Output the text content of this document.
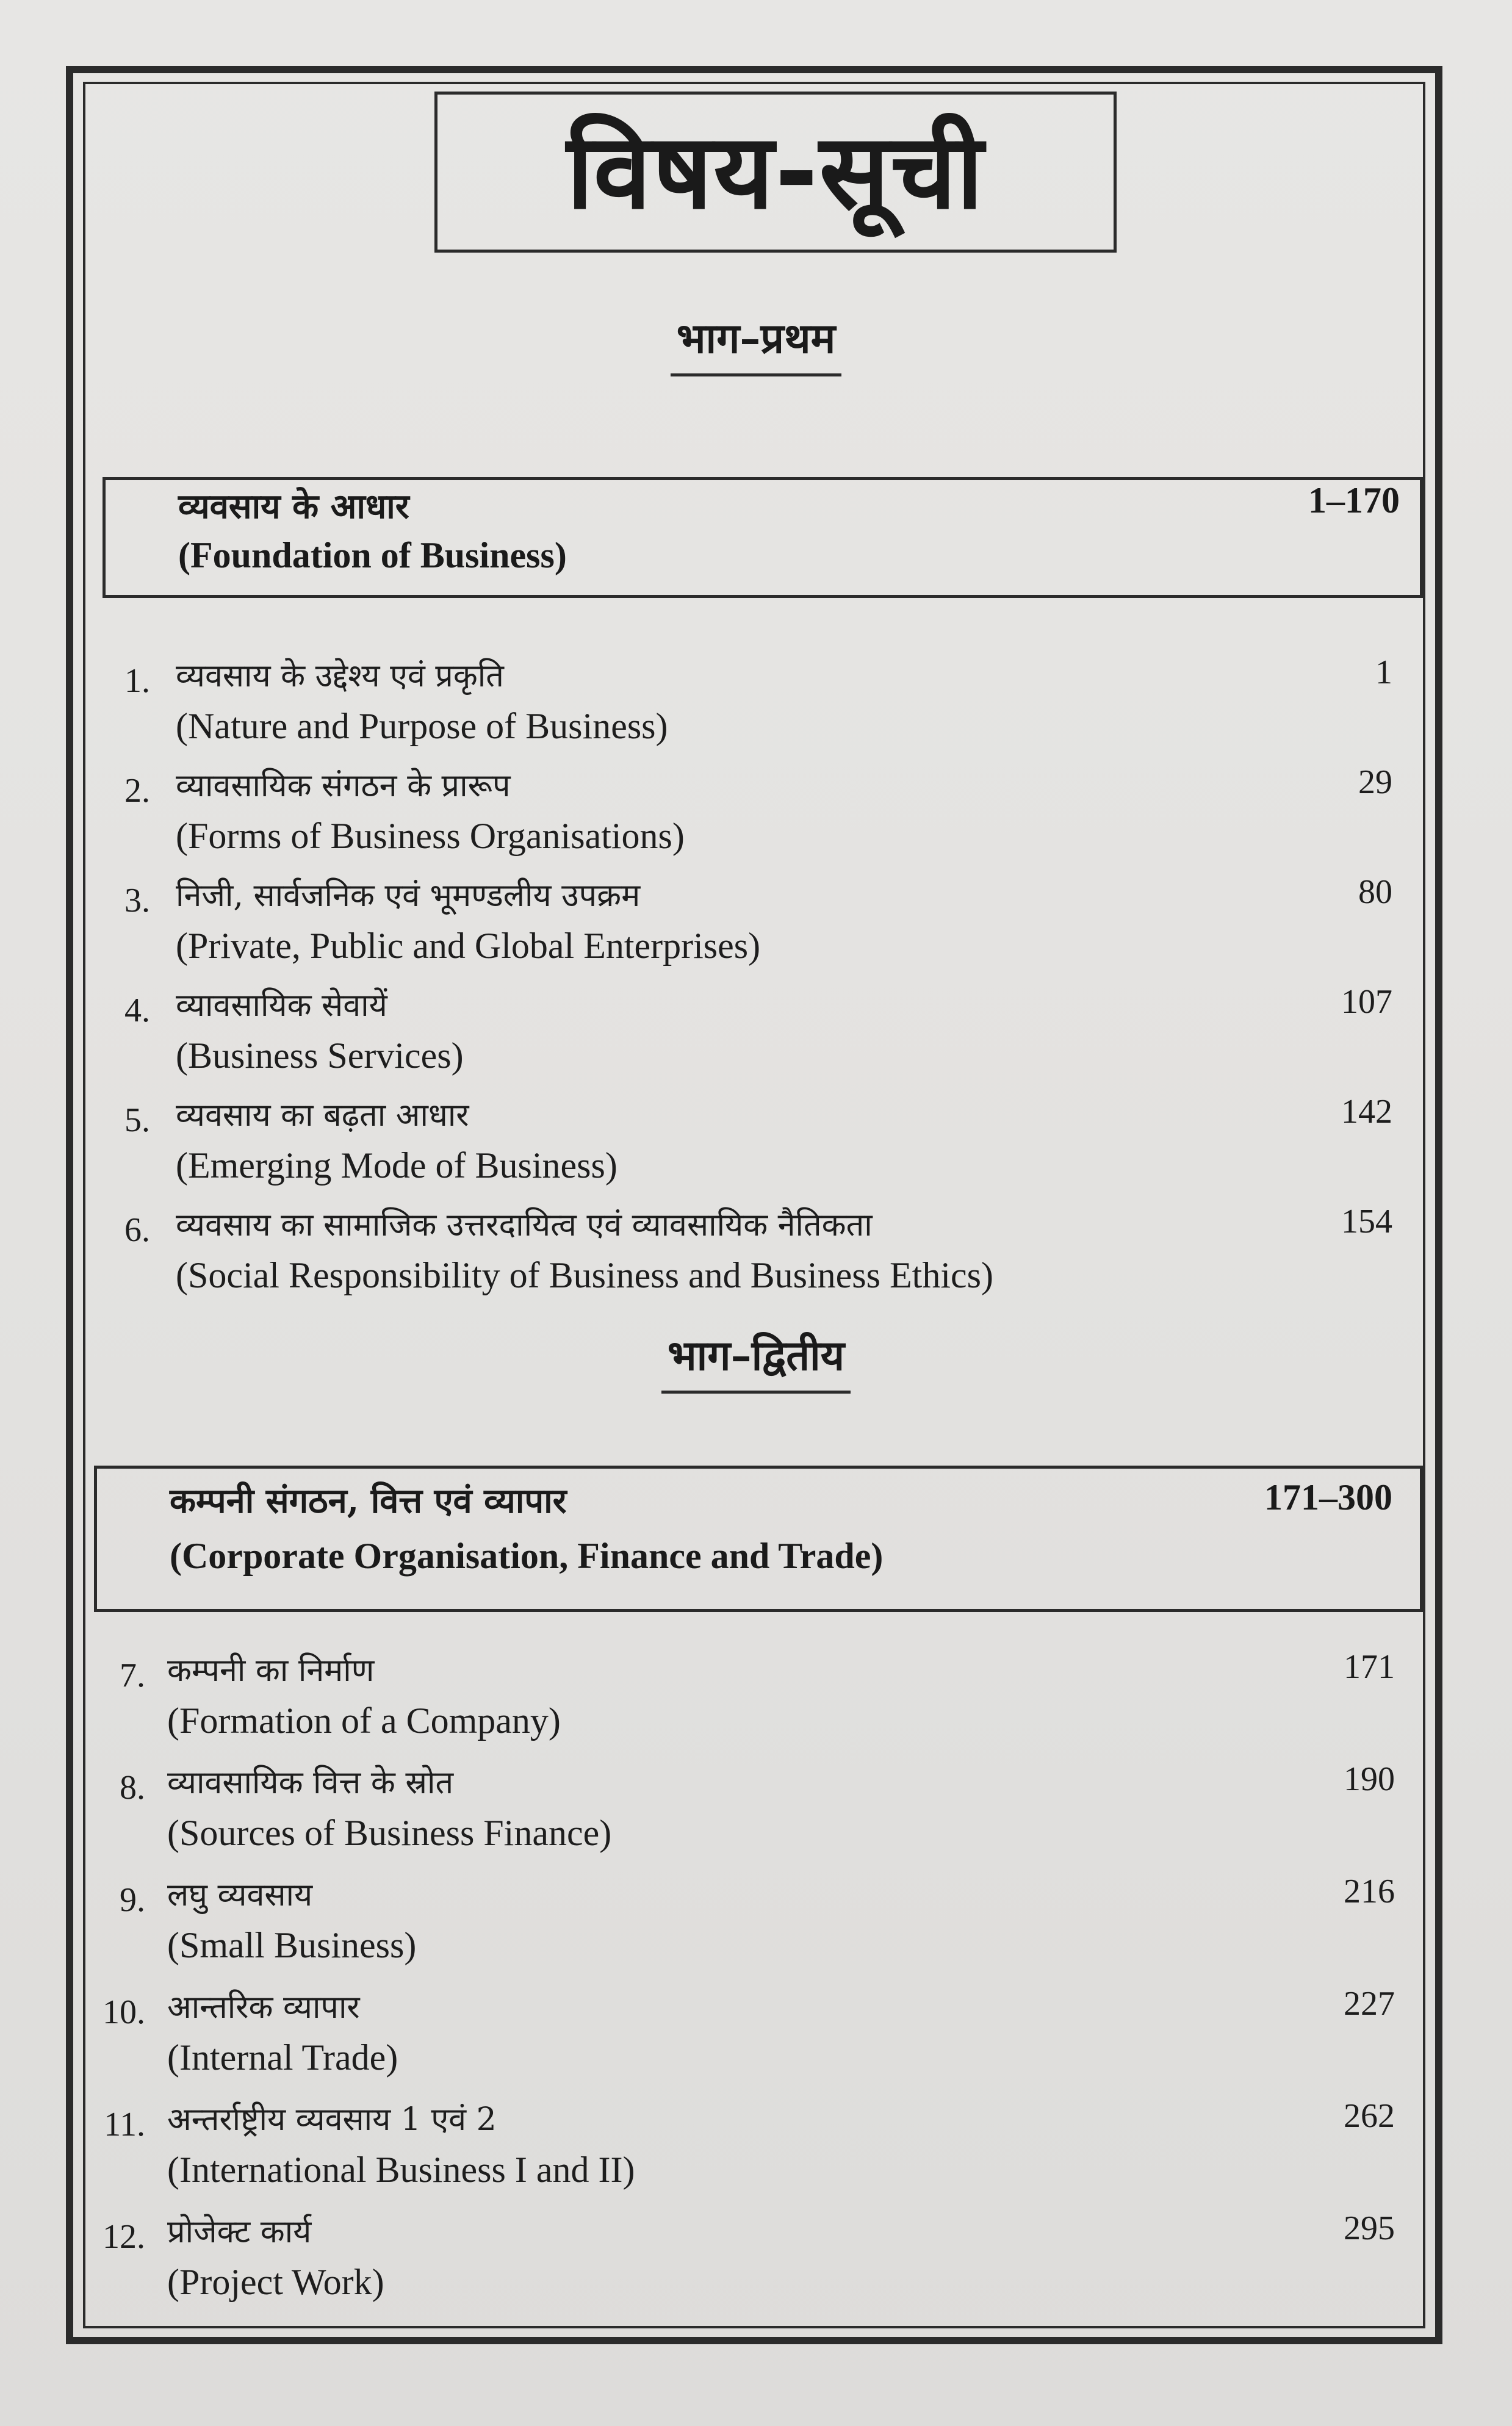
विषय-सूची
भाग–प्रथम
व्यवसाय के आधार
(Foundation of Business)
1–170
1. व्यवसाय के उद्देश्य एवं प्रकृति
(Nature and Purpose of Business)
1
2. व्यावसायिक संगठन के प्रारूप
(Forms of Business Organisations)
29
3. निजी, सार्वजनिक एवं भूमण्डलीय उपक्रम
(Private, Public and Global Enterprises)
80
4. व्यावसायिक सेवायें
(Business Services)
107
5. व्यवसाय का बढ़ता आधार
(Emerging Mode of Business)
142
6. व्यवसाय का सामाजिक उत्तरदायित्व एवं व्यावसायिक नैतिकता
(Social Responsibility of Business and Business Ethics)
154
भाग–द्वितीय
कम्पनी संगठन, वित्त एवं व्यापार
(Corporate Organisation, Finance and Trade)
171–300
7. कम्पनी का निर्माण
(Formation of a Company)
171
8. व्यावसायिक वित्त के स्रोत
(Sources of Business Finance)
190
9. लघु व्यवसाय
(Small Business)
216
10. आन्तरिक व्यापार
(Internal Trade)
227
11. अन्तर्राष्ट्रीय व्यवसाय 1 एवं 2
(International Business I and II)
262
12. प्रोजेक्ट कार्य
(Project Work)
295
